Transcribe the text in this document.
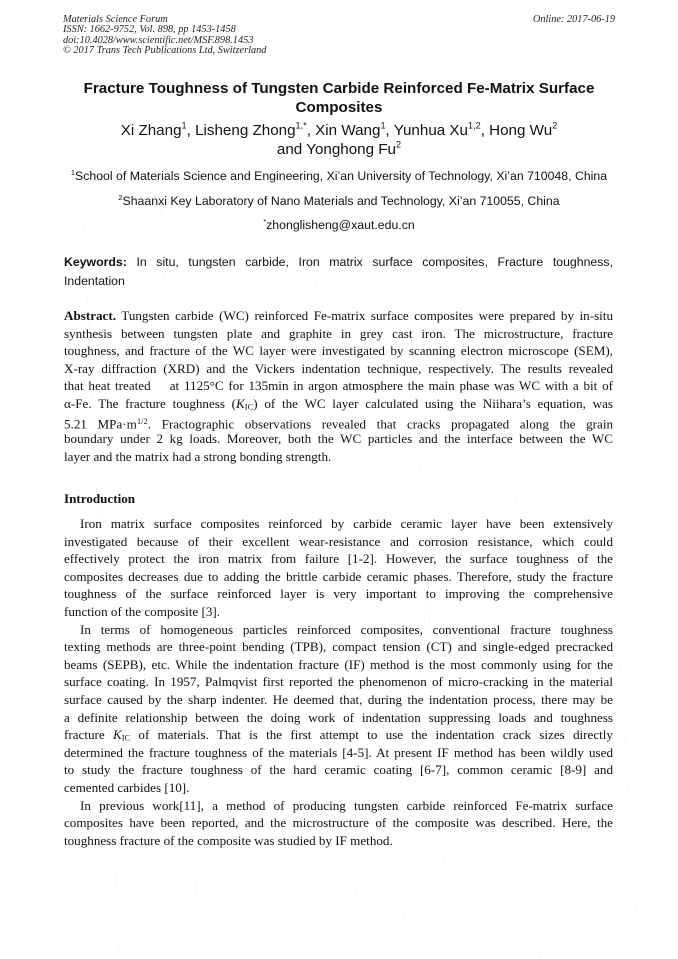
Materials Science Forum
ISSN: 1662-9752, Vol. 898, pp 1453-1458
doi:10.4028/www.scientific.net/MSF.898.1453
© 2017 Trans Tech Publications Ltd, Switzerland
Online: 2017-06-19
Fracture Toughness of Tungsten Carbide Reinforced Fe-Matrix Surface
Composites
Xi Zhang$^1$, Lisheng Zhong$^{1,*}$, Xin Wang$^1$, Yunhua Xu$^{1,2}$, Hong Wu$^2$
and Yonghong Fu$^2$
$^1$School of Materials Science and Engineering, Xi’an University of Technology, Xi’an 710048, China
$^2$Shaanxi Key Laboratory of Nano Materials and Technology, Xi’an 710055, China
*zhonglisheng@xaut.edu.cn
Keywords: In situ, tungsten carbide, Iron matrix surface composites, Fracture toughness, Indentation
Abstract. Tungsten carbide (WC) reinforced Fe-matrix surface composites were prepared by in-situ
synthesis between tungsten plate and graphite in grey cast iron. The microstructure, fracture
toughness, and fracture of the WC layer were investigated by scanning electron microscope (SEM),
X-ray diffraction (XRD) and the Vickers indentation technique, respectively. The results revealed
that heat treated    at 1125°C for 135min in argon atmosphere the main phase was WC with a bit of
α-Fe. The fracture toughness (KIC) of the WC layer calculated using the Niihara’s equation, was
5.21 $MPa\cdot m^{1/2}$. Fractographic observations revealed that cracks propagated along the grain
boundary under 2 kg loads. Moreover, both the WC particles and the interface between the WC
layer and the matrix had a strong bonding strength.
Introduction
Iron matrix surface composites reinforced by carbide ceramic layer have been extensively
investigated because of their excellent wear-resistance and corrosion resistance, which could
effectively protect the iron matrix from failure [1-2]. However, the surface toughness of the
composites decreases due to adding the brittle carbide ceramic phases. Therefore, study the fracture
toughness of the surface reinforced layer is very important to improving the comprehensive
function of the composite [3].
In terms of homogeneous particles reinforced composites, conventional fracture toughness
texting methods are three-point bending (TPB), compact tension (CT) and single-edged precracked
beams (SEPB), etc. While the indentation fracture (IF) method is the most commonly using for the
surface coating. In 1957, Palmqvist first reported the phenomenon of micro-cracking in the material
surface caused by the sharp indenter. He deemed that, during the indentation process, there may be
a definite relationship between the doing work of indentation suppressing loads and toughness
fracture KIC of materials. That is the first attempt to use the indentation crack sizes directly
determined the fracture toughness of the materials [4-5]. At present IF method has been wildly used
to study the fracture toughness of the hard ceramic coating [6-7], common ceramic [8-9] and
cemented carbides [10].
In previous work[11], a method of producing tungsten carbide reinforced Fe-matrix surface
composites have been reported, and the microstructure of the composite was described. Here, the
toughness fracture of the composite was studied by IF method.
